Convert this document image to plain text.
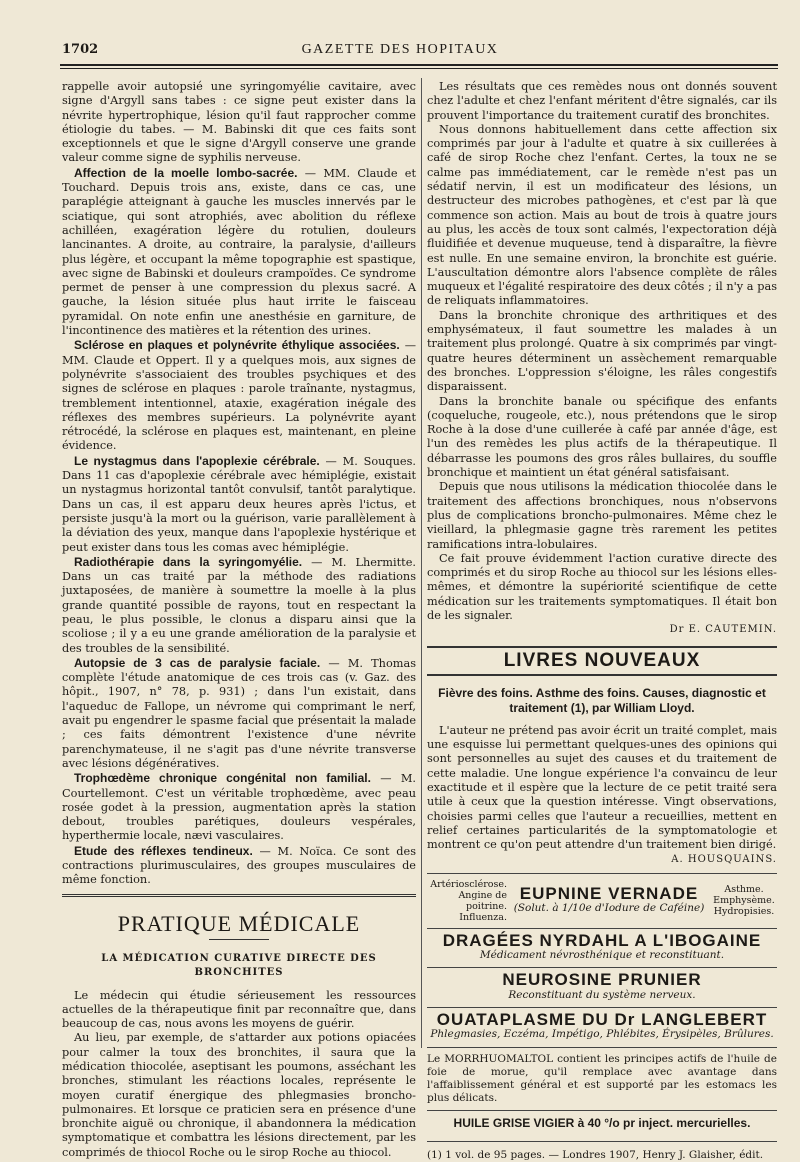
1702	GAZETTE DES HOPITAUX

rappelle avoir autopsié une syringomyélie cavitaire, avec signe d'Argyll sans tabes : ce signe peut exister dans la névrite hypertrophique, lésion qu'il faut rapprocher comme étiologie du tabes. — M. Babinski dit que ces faits sont exceptionnels et que le signe d'Argyll conserve une grande valeur comme signe de syphilis nerveuse.

Affection de la moelle lombo-sacrée. — MM. Claude et Touchard. Depuis trois ans, existe, dans ce cas, une paraplégie atteignant à gauche les muscles innervés par le sciatique, qui sont atrophiés, avec abolition du réflexe achilléen, exagération légère du rotulien, douleurs lancinantes. A droite, au contraire, la paralysie, d'ailleurs plus légère, et occupant la même topographie est spastique, avec signe de Babinski et douleurs crampoïdes. Ce syndrome permet de penser à une compression du plexus sacré. A gauche, la lésion située plus haut irrite le faisceau pyramidal. On note enfin une anesthésie en garniture, de l'incontinence des matières et la rétention des urines.

Sclérose en plaques et polynévrite éthylique associées. — MM. Claude et Oppert. Il y a quelques mois, aux signes de polynévrite s'associaient des troubles psychiques et des signes de sclérose en plaques : parole traînante, nystagmus, tremblement intentionnel, ataxie, exagération inégale des réflexes des membres supérieurs. La polynévrite ayant rétrocédé, la sclérose en plaques est, maintenant, en pleine évidence.

Le nystagmus dans l'apoplexie cérébrale. — M. Souques. Dans 11 cas d'apoplexie cérébrale avec hémiplégie, existait un nystagmus horizontal tantôt convulsif, tantôt paralytique. Dans un cas, il est apparu deux heures après l'ictus, et persiste jusqu'à la mort ou la guérison, varie parallèlement à la déviation des yeux, manque dans l'apoplexie hystérique et peut exister dans tous les comas avec hémiplégie.

Radiothérapie dans la syringomyélie. — M. Lhermitte. Dans un cas traité par la méthode des radiations juxtaposées, de manière à soumettre la moelle à la plus grande quantité possible de rayons, tout en respectant la peau, le plus possible, le clonus a disparu ainsi que la scoliose ; il y a eu une grande amélioration de la paralysie et des troubles de la sensibilité.

Autopsie de 3 cas de paralysie faciale. — M. Thomas complète l'étude anatomique de ces trois cas (v. Gaz. des hôpit., 1907, n° 78, p. 931) ; dans l'un existait, dans l'aqueduc de Fallope, un névrome qui comprimant le nerf, avait pu engendrer le spasme facial que présentait la malade ; ces faits démontrent l'existence d'une névrite parenchymateuse, il ne s'agit pas d'une névrite transverse avec lésions dégénératives.

Trophœdème chronique congénital non familial. — M. Courtellemont. C'est un véritable trophœdème, avec peau rosée godet à la pression, augmentation après la station debout, troubles parétiques, douleurs vespérales, hyperthermie locale, nævi vasculaires.

Etude des réflexes tendineux. — M. Noïca. Ce sont des contractions plurimusculaires, des groupes musculaires de même fonction.

PRATIQUE MÉDICALE
LA MÉDICATION CURATIVE DIRECTE DES BRONCHITES

Le médecin qui étudie sérieusement les ressources actuelles de la thérapeutique finit par reconnaître que, dans beaucoup de cas, nous avons les moyens de guérir.

Au lieu, par exemple, de s'attarder aux potions opiacées pour calmer la toux des bronchites, il saura que la médication thiocolée, aseptisant les poumons, asséchant les bronches, stimulant les réactions locales, représente le moyen curatif énergique des phlegmasies broncho-pulmonaires. Et lorsque ce praticien sera en présence d'une bronchite aiguë ou chronique, il abandonnera la médication symptomatique et combattra les lésions directement, par les comprimés de thiocol Roche ou le sirop Roche au thiocol.

Les résultats que ces remèdes nous ont donnés souvent chez l'adulte et chez l'enfant méritent d'être signalés, car ils prouvent l'importance du traitement curatif des bronchites.

Nous donnons habituellement dans cette affection six comprimés par jour à l'adulte et quatre à six cuillerées à café de sirop Roche chez l'enfant. Certes, la toux ne se calme pas immédiatement, car le remède n'est pas un sédatif nervin, il est un modificateur des lésions, un destructeur des microbes pathogènes, et c'est par là que commence son action. Mais au bout de trois à quatre jours au plus, les accès de toux sont calmés, l'expectoration déjà fluidifiée et devenue muqueuse, tend à disparaître, la fièvre est nulle. En une semaine environ, la bronchite est guérie. L'auscultation démontre alors l'absence complète de râles muqueux et l'égalité respiratoire des deux côtés ; il n'y a pas de reliquats inflammatoires.

Dans la bronchite chronique des arthritiques et des emphysémateux, il faut soumettre les malades à un traitement plus prolongé. Quatre à six comprimés par vingt-quatre heures déterminent un assèchement remarquable des bronches. L'oppression s'éloigne, les râles congestifs disparaissent.

Dans la bronchite banale ou spécifique des enfants (coqueluche, rougeole, etc.), nous prétendons que le sirop Roche à la dose d'une cuillerée à café par année d'âge, est l'un des remèdes les plus actifs de la thérapeutique. Il débarrasse les poumons des gros râles bullaires, du souffle bronchique et maintient un état général satisfaisant.

Depuis que nous utilisons la médication thiocolée dans le traitement des affections bronchiques, nous n'observons plus de complications broncho-pulmonaires. Même chez le vieillard, la phlegmasie gagne très rarement les petites ramifications intra-lobulaires.

Ce fait prouve évidemment l'action curative directe des comprimés et du sirop Roche au thiocol sur les lésions elles-mêmes, et démontre la supériorité scientifique de cette médication sur les traitements symptomatiques. Il était bon de les signaler.

Dr E. CAUTEMIN.
LIVRES NOUVEAUX
Fièvre des foins. Asthme des foins. Causes, diagnostic et traitement (1), par William Lloyd.

L'auteur ne prétend pas avoir écrit un traité complet, mais une esquisse lui permettant quelques-unes des opinions qui sont personnelles au sujet des causes et du traitement de cette maladie. Une longue expérience l'a convaincu de leur exactitude et il espère que la lecture de ce petit traité sera utile à ceux que la question intéresse. Vingt observations, choisies parmi celles que l'auteur a recueillies, mettent en relief certaines particularités de la symptomatologie et montrent ce qu'on peut attendre d'un traitement bien dirigé.

A. HOUSQUAINS.
Artériosclérose. Angine de poitrine. Influenza.
EUPNINE VERNADE
(Solut. à 1/10e d'Iodure de Caféine)
Asthme. Emphysème. Hydropisies.
DRAGÉES NYRDAHL A L'IBOGAINE
Médicament névrosthénique et reconstituant.
NEUROSINE PRUNIER
Reconstituant du système nerveux.
OUATAPLASME DU Dr LANGLEBERT
Phlegmasies, Eczéma, Impétigo, Phlébites, Érysipèles, Brûlures.
Le MORRHUOMALTOL contient les principes actifs de l'huile de foie de morue, qu'il remplace avec avantage dans l'affaiblissement général et est supporté par les estomacs les plus délicats.
HUILE GRISE VIGIER à 40 °/o pr inject. mercurielles.
(1) 1 vol. de 95 pages. — Londres 1907, Henry J. Glaisher, édit.
